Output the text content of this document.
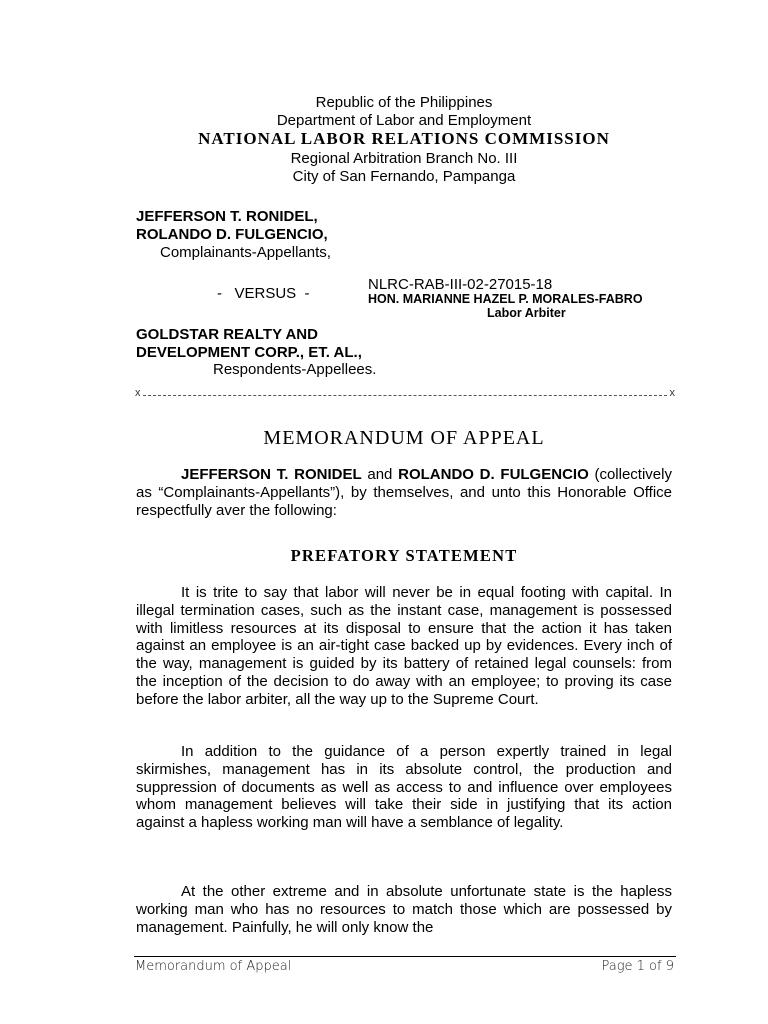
Republic of the Philippines
Department of Labor and Employment
NATIONAL LABOR RELATIONS COMMISSION
Regional Arbitration Branch No. III
City of San Fernando, Pampanga
JEFFERSON T. RONIDEL,
ROLANDO D. FULGENCIO,
Complainants-Appellants,
-   VERSUS  -
NLRC-RAB-III-02-27015-18
HON. MARIANNE HAZEL P. MORALES-FABRO
Labor Arbiter
GOLDSTAR REALTY AND
DEVELOPMENT CORP., ET. AL.,
Respondents-Appellees.
x	x
MEMORANDUM OF APPEAL
JEFFERSON T. RONIDEL and ROLANDO D. FULGENCIO (collectively as “Complainants-Appellants”), by themselves, and unto this Honorable Office respectfully aver the following:
PREFATORY STATEMENT
It is trite to say that labor will never be in equal footing with capital. In illegal termination cases, such as the instant case, management is possessed with limitless resources at its disposal to ensure that the action it has taken against an employee is an air-tight case backed up by evidences. Every inch of the way, management is guided by its battery of retained legal counsels: from the inception of the decision to do away with an employee; to proving its case before the labor arbiter, all the way up to the Supreme Court.
In addition to the guidance of a person expertly trained in legal skirmishes, management has in its absolute control, the production and suppression of documents as well as access to and influence over employees whom management believes will take their side in justifying that its action against a hapless working man will have a semblance of legality.
At the other extreme and in absolute unfortunate state is the hapless working man who has no resources to match those which are possessed by management. Painfully, he will only know the
Memorandum of Appeal	Page 1 of 9
